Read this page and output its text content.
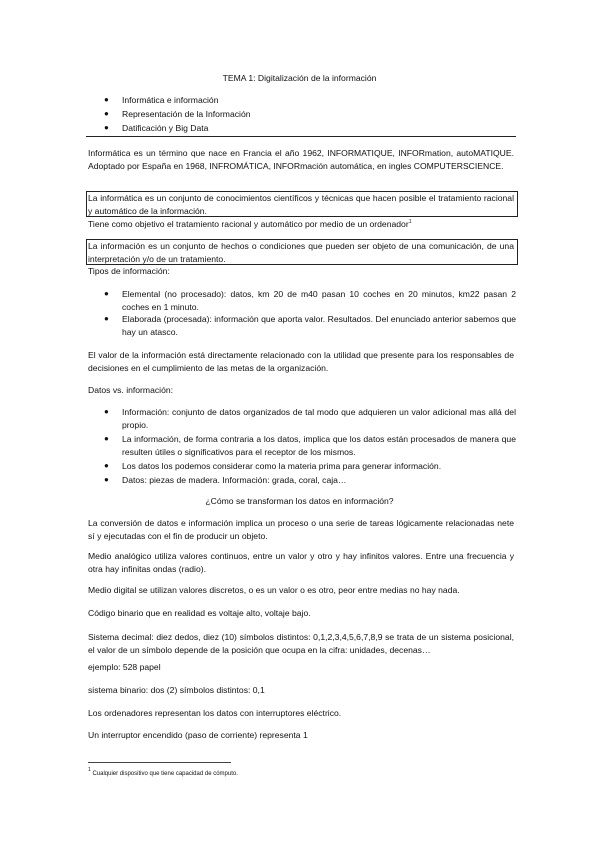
TEMA 1: Digitalización de la información
● Informática e información
● Representación de la Información
● Datificación y Big Data
Informática es un término que nace en Francia el año 1962, INFORMATIQUE, INFORmation, autoMATIQUE. Adoptado por España en 1968, INFROMÁTICA, INFORmación automática, en ingles COMPUTERSCIENCE.
La informática es un conjunto de conocimientos científicos y técnicas que hacen posible el tratamiento racional y automático de la información.
Tiene como objetivo el tratamiento racional y automático por medio de un ordenador$^1$
La información es un conjunto de hechos o condiciones que pueden ser objeto de una comunicación, de una interpretación y/o de un tratamiento.
Tipos de información:
● Elemental (no procesado): datos, km 20 de m40 pasan 10 coches en 20 minutos, km22 pasan 2 coches en 1 minuto.
● Elaborada (procesada): información que aporta valor. Resultados. Del enunciado anterior sabemos que hay un atasco.
El valor de la información está directamente relacionado con la utilidad que presente para los responsables de decisiones en el cumplimiento de las metas de la organización.
Datos vs. información:
● Información: conjunto de datos organizados de tal modo que adquieren un valor adicional mas allá del propio.
● La información, de forma contraria a los datos, implica que los datos están procesados de manera que resulten útiles o significativos para el receptor de los mismos.
● Los datos los podemos considerar como la materia prima para generar información.
● Datos: piezas de madera. Información: grada, coral, caja…
¿Cómo se transforman los datos en información?
La conversión de datos e información implica un proceso o una serie de tareas lógicamente relacionadas nete sí y ejecutadas con el fin de producir un objeto.
Medio analógico utiliza valores continuos, entre un valor y otro y hay infinitos valores. Entre una frecuencia y otra hay infinitas ondas (radio).
Medio digital se utilizan valores discretos, o es un valor o es otro, peor entre medias no hay nada.
Código binario que en realidad es voltaje alto, voltaje bajo.
Sistema decimal: diez dedos, diez (10) símbolos distintos: 0,1,2,3,4,5,6,7,8,9 se trata de un sistema posicional, el valor de un símbolo depende de la posición que ocupa en la cifra: unidades, decenas…
ejemplo: 528 papel
sistema binario: dos (2) símbolos distintos: 0,1
Los ordenadores representan los datos con interruptores eléctrico.
Un interruptor encendido (paso de corriente) representa 1
$^1$ Cualquier dispositivo que tiene capacidad de cómputo.
